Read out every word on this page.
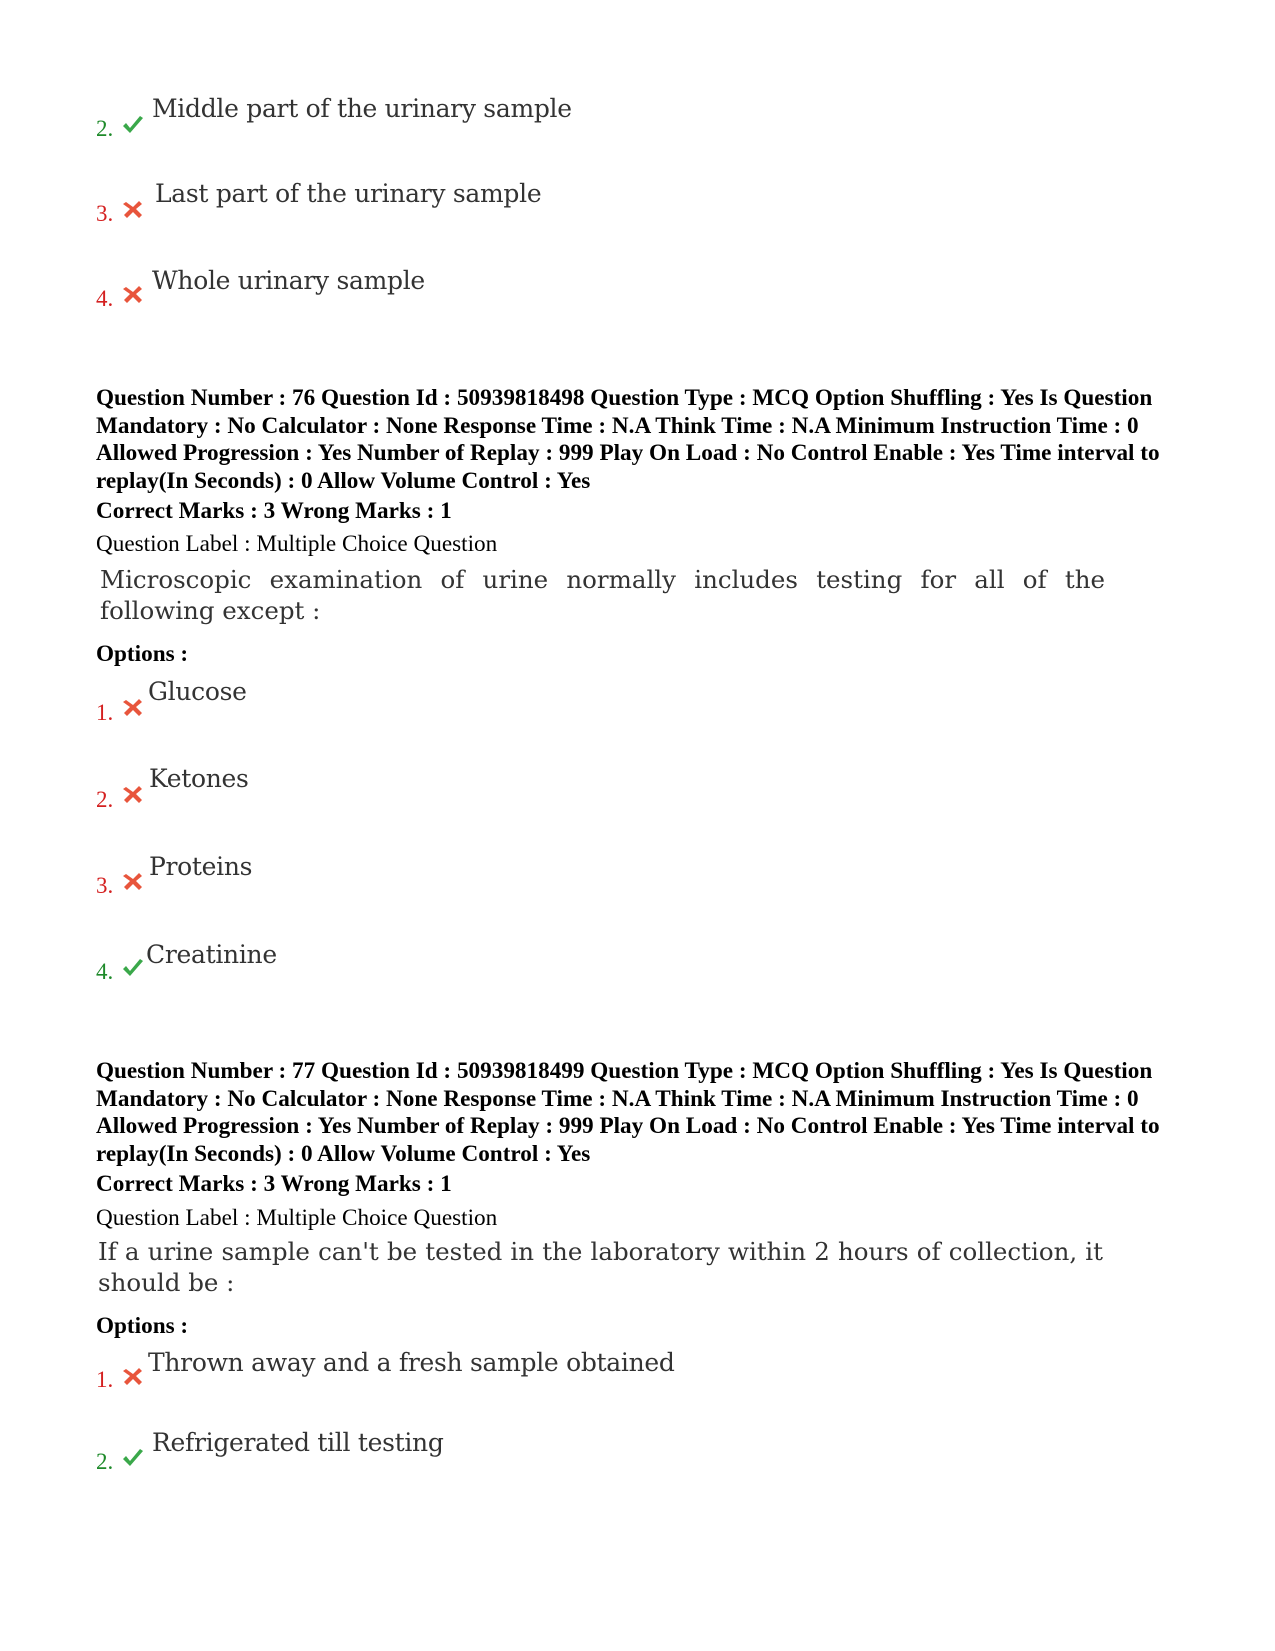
2.
Middle part of the urinary sample
3.
Last part of the urinary sample
4.
Whole urinary sample
Question Number : 76 Question Id : 50939818498 Question Type : MCQ Option Shuffling : Yes Is Question Mandatory : No Calculator : None Response Time : N.A Think Time : N.A Minimum Instruction Time : 0 Allowed Progression : Yes Number of Replay : 999 Play On Load : No Control Enable : Yes Time interval to replay(In Seconds) : 0 Allow Volume Control : Yes
Correct Marks : 3 Wrong Marks : 1
Question Label : Multiple Choice Question
Microscopic examination of urine normally includes testing for all of the following except :
Options :
1.
Glucose
2.
Ketones
3.
Proteins
4.
Creatinine
Question Number : 77 Question Id : 50939818499 Question Type : MCQ Option Shuffling : Yes Is Question Mandatory : No Calculator : None Response Time : N.A Think Time : N.A Minimum Instruction Time : 0 Allowed Progression : Yes Number of Replay : 999 Play On Load : No Control Enable : Yes Time interval to replay(In Seconds) : 0 Allow Volume Control : Yes
Correct Marks : 3 Wrong Marks : 1
Question Label : Multiple Choice Question
If a urine sample can't be tested in the laboratory within 2 hours of collection, it should be :
Options :
1.
Thrown away and a fresh sample obtained
2.
Refrigerated till testing
